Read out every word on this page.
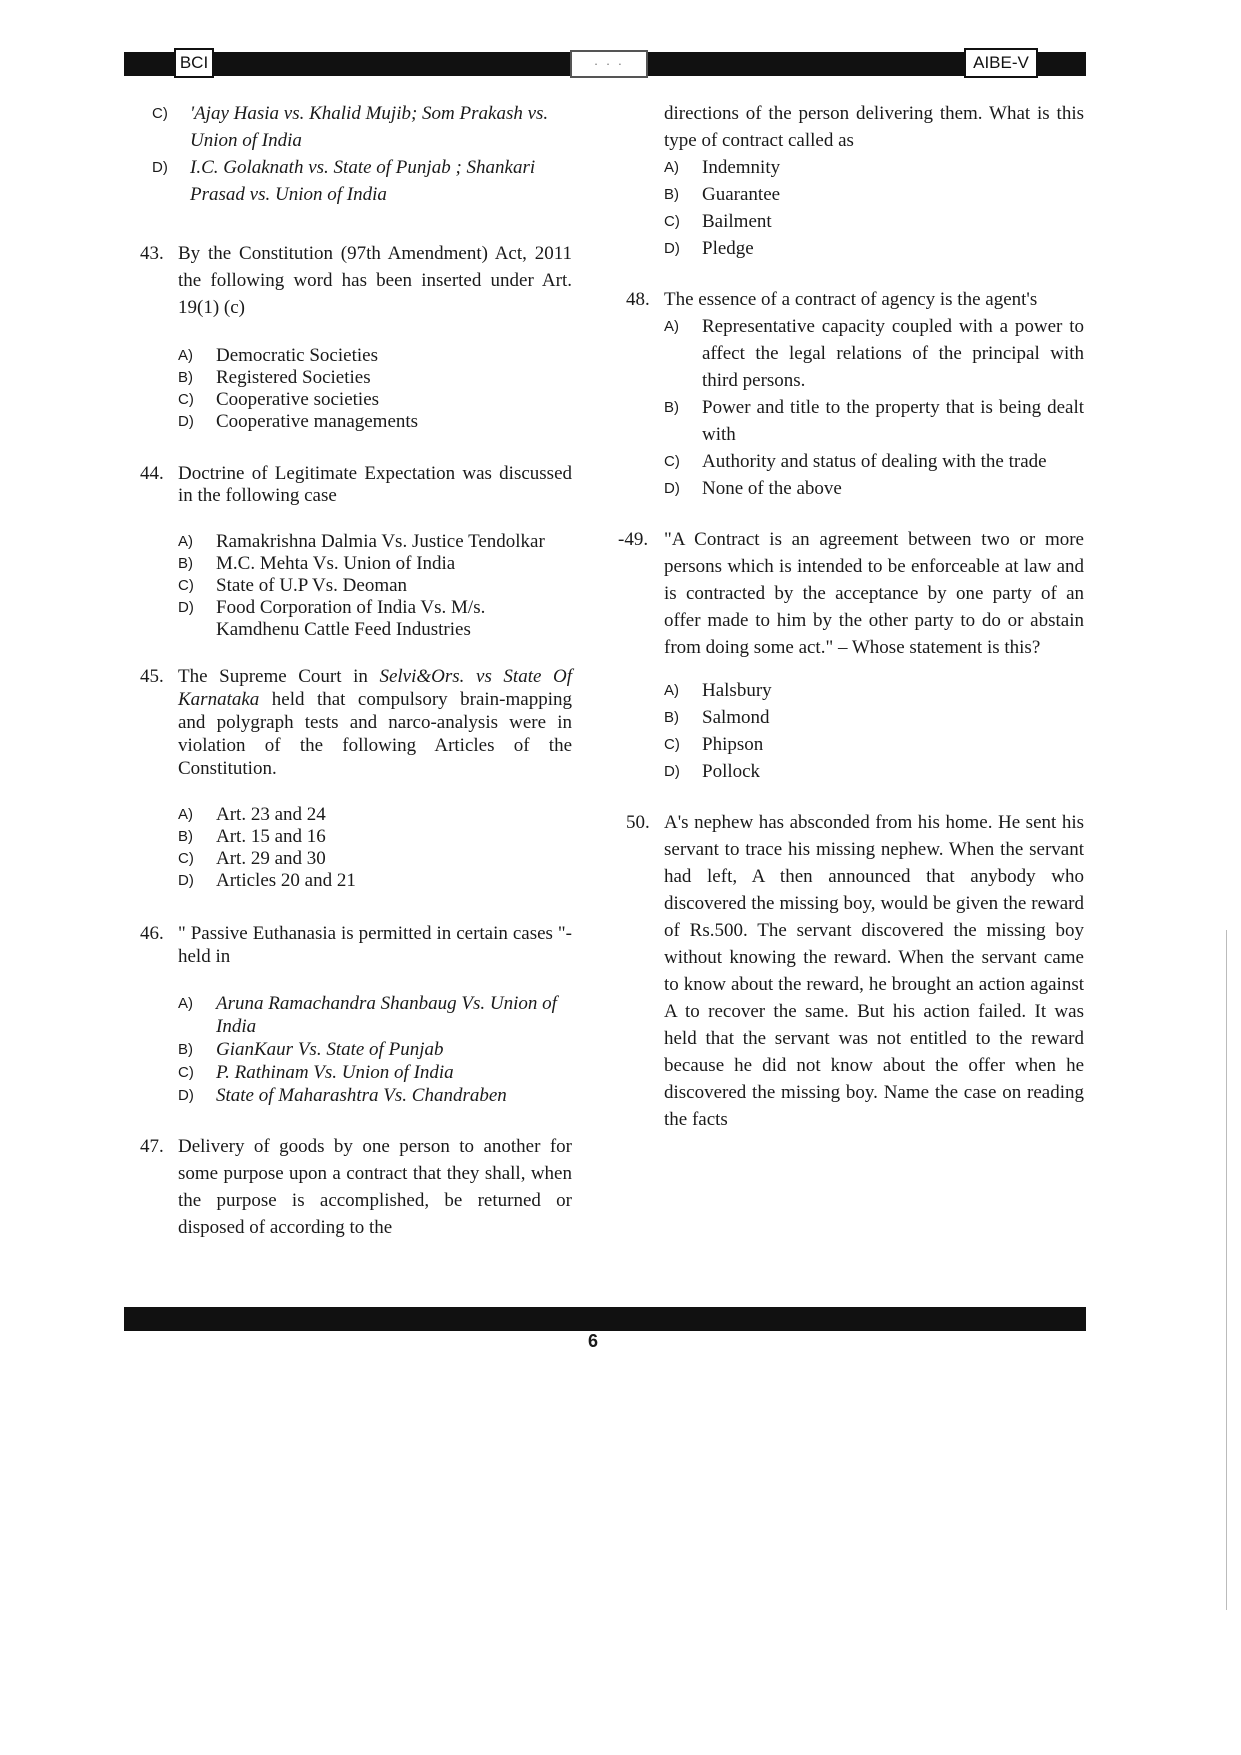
BCI	· · ·	AIBE-V
C) 'Ajay Hasia vs. Khalid Mujib; Som Prakash vs. Union of India
D) I.C. Golaknath vs. State of Punjab ; Shankari Prasad vs. Union of India
43. By the Constitution (97th Amendment) Act, 2011 the following word has been inserted under Art. 19(1) (c)
A) Democratic Societies
B) Registered Societies
C) Cooperative societies
D) Cooperative managements
44. Doctrine of Legitimate Expectation was discussed in the following case
A) Ramakrishna Dalmia Vs. Justice Tendolkar
B) M.C. Mehta Vs. Union of India
C) State of U.P Vs. Deoman
D) Food Corporation of India Vs. M/s. Kamdhenu Cattle Feed Industries
45. The Supreme Court in Selvi&Ors. vs State Of Karnataka held that compulsory brain-mapping and polygraph tests and narco-analysis were in violation of the following Articles of the Constitution.
A) Art. 23 and 24
B) Art. 15 and 16
C) Art. 29 and 30
D) Articles 20 and 21
46. " Passive Euthanasia is permitted in certain cases "- held in
A) Aruna Ramachandra Shanbaug Vs. Union of India
B) GianKaur Vs. State of Punjab
C) P. Rathinam Vs. Union of India
D) State of Maharashtra Vs. Chandraben
47. Delivery of goods by one person to another for some purpose upon a contract that they shall, when the purpose is accomplished, be returned or disposed of according to the
directions of the person delivering them. What is this type of contract called as
A) Indemnity
B) Guarantee
C) Bailment
D) Pledge
48. The essence of a contract of agency is the agent's
A) Representative capacity coupled with a power to affect the legal relations of the principal with third persons.
B) Power and title to the property that is being dealt with
C) Authority and status of dealing with the trade
D) None of the above
-49. "A Contract is an agreement between two or more persons which is intended to be enforceable at law and is contracted by the acceptance by one party of an offer made to him by the other party to do or abstain from doing some act." – Whose statement is this?
A) Halsbury
B) Salmond
C) Phipson
D) Pollock
50. A's nephew has absconded from his home. He sent his servant to trace his missing nephew. When the servant had left, A then announced that anybody who discovered the missing boy, would be given the reward of Rs.500. The servant discovered the missing boy without knowing the reward. When the servant came to know about the reward, he brought an action against A to recover the same. But his action failed. It was held that the servant was not entitled to the reward because he did not know about the offer when he discovered the missing boy. Name the case on reading the facts
6
